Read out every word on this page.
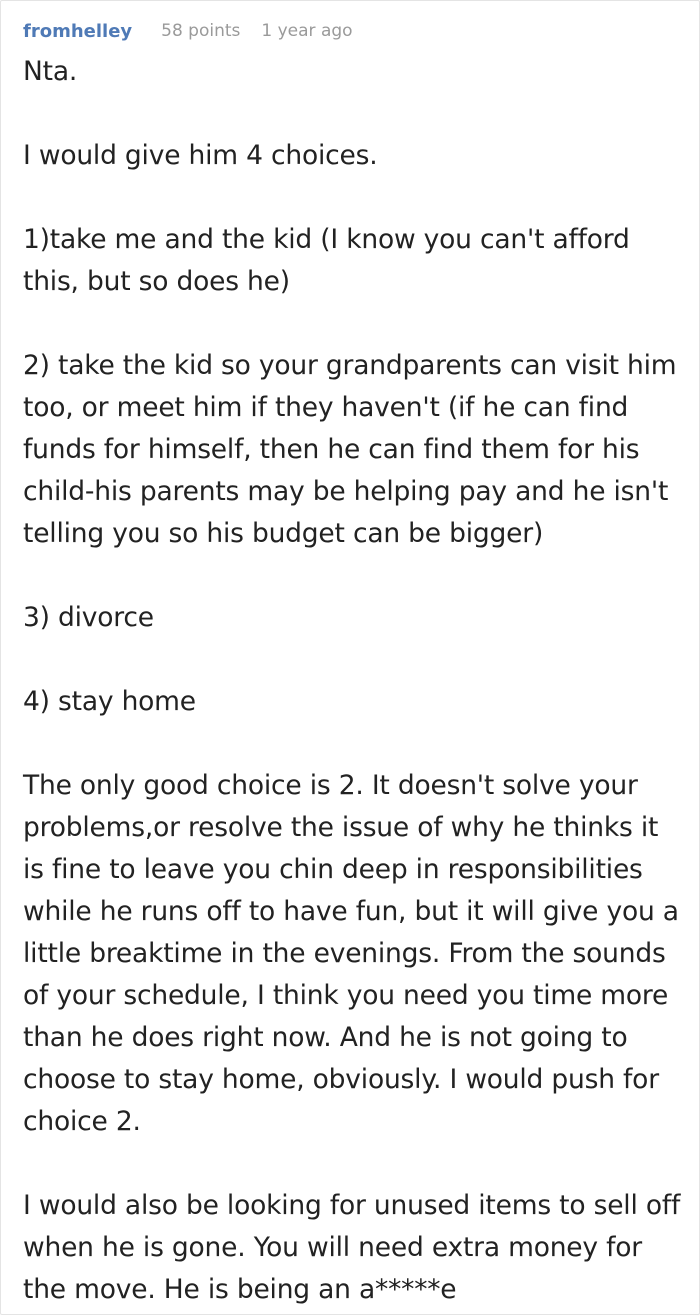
fromhelley 58 points 1 year ago

Nta.

I would give him 4 choices.

1)take me and the kid (I know you can't afford this, but so does he)

2) take the kid so your grandparents can visit him too, or meet him if they haven't (if he can find funds for himself, then he can find them for his child-his parents may be helping pay and he isn't telling you so his budget can be bigger)

3) divorce

4) stay home

The only good choice is 2. It doesn't solve your problems,or resolve the issue of why he thinks it is fine to leave you chin deep in responsibilities while he runs off to have fun, but it will give you a little breaktime in the evenings. From the sounds of your schedule, I think you need you time more than he does right now. And he is not going to choose to stay home, obviously. I would push for choice 2.

I would also be looking for unused items to sell off when he is gone. You will need extra money for the move. He is being an a*****e
